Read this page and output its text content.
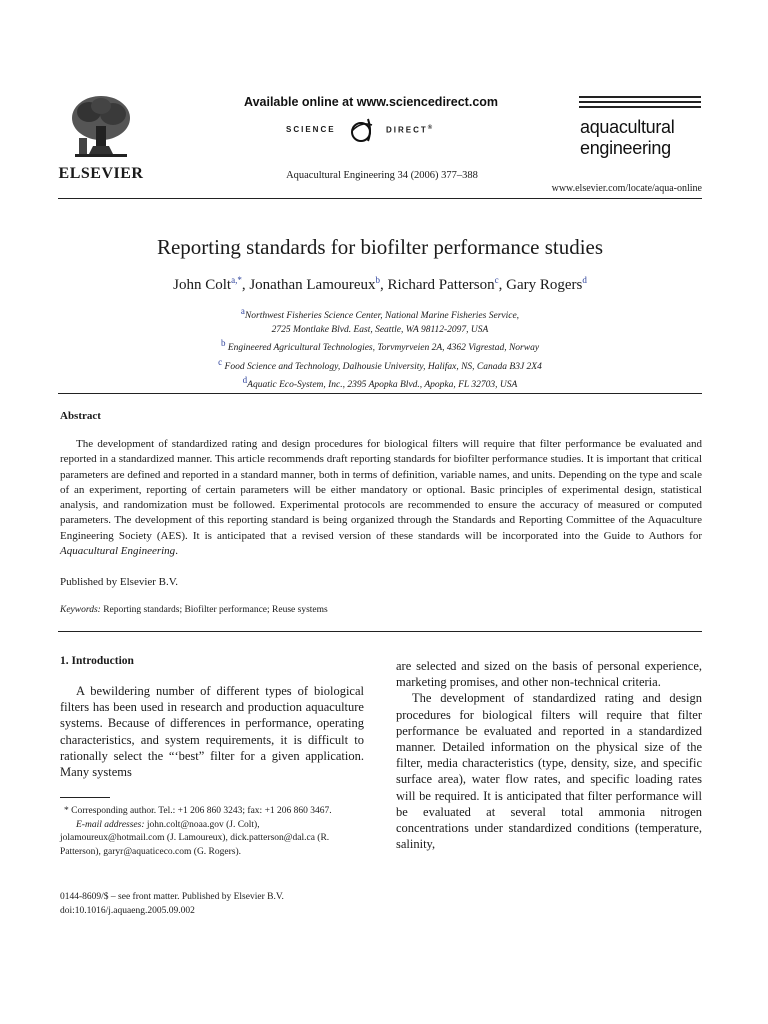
ELSEVIER
Available online at www.sciencedirect.com
SCIENCE	DIRECT®
Aquacultural Engineering 34 (2006) 377–388
aquacultural
engineering
www.elsevier.com/locate/aqua-online
Reporting standards for biofilter performance studies
John Colt$^{a,*}$, Jonathan Lamoureux$^b$, Richard Patterson$^c$, Gary Rogers$^d$
$^a$Northwest Fisheries Science Center, National Marine Fisheries Service,
2725 Montlake Blvd. East, Seattle, WA 98112-2097, USA
$^b$ Engineered Agricultural Technologies, Torvmyrveien 2A, 4362 Vigrestad, Norway
$^c$ Food Science and Technology, Dalhousie University, Halifax, NS, Canada B3J 2X4
$^d$Aquatic Eco-System, Inc., 2395 Apopka Blvd., Apopka, FL 32703, USA
Abstract

The development of standardized rating and design procedures for biological filters will require that filter performance be evaluated and reported in a standardized manner. This article recommends draft reporting standards for biofilter performance studies. It is important that critical parameters are defined and reported in a standard manner, both in terms of definition, variable names, and units. Depending on the type and scale of an experiment, reporting of certain parameters will be either mandatory or optional. Basic principles of experimental design, statistical analysis, and randomization must be followed. Experimental protocols are recommended to ensure the accuracy of measured or computed parameters. The development of this reporting standard is being organized through the Standards and Reporting Committee of the Aquaculture Engineering Society (AES). It is anticipated that a revised version of these standards will be incorporated into the Guide to Authors for Aquacultural Engineering.

Published by Elsevier B.V.
Keywords: Reporting standards; Biofilter performance; Reuse systems
1. Introduction
A bewildering number of different types of biological filters has been used in research and production aquaculture systems. Because of differences in performance, operating characteristics, and system requirements, it is difficult to rationally select the “‘best” filter for a given application. Many systems
* Corresponding author. Tel.: +1 206 860 3243; fax: +1 206 860 3467.
E-mail addresses: john.colt@noaa.gov (J. Colt), jolamoureux@hotmail.com (J. Lamoureux), dick.patterson@dal.ca (R. Patterson), garyr@aquaticeco.com (G. Rogers).
0144-8609/$ – see front matter. Published by Elsevier B.V.
doi:10.1016/j.aquaeng.2005.09.002
are selected and sized on the basis of personal experience, marketing promises, and other non-technical criteria.
The development of standardized rating and design procedures for biological filters will require that filter performance be evaluated and reported in a standardized manner. Detailed information on the physical size of the filter, media characteristics (type, density, size, and specific surface area), water flow rates, and specific loading rates will be required. It is anticipated that filter performance will be evaluated at several total ammonia nitrogen concentrations under standardized conditions (temperature, salinity,
